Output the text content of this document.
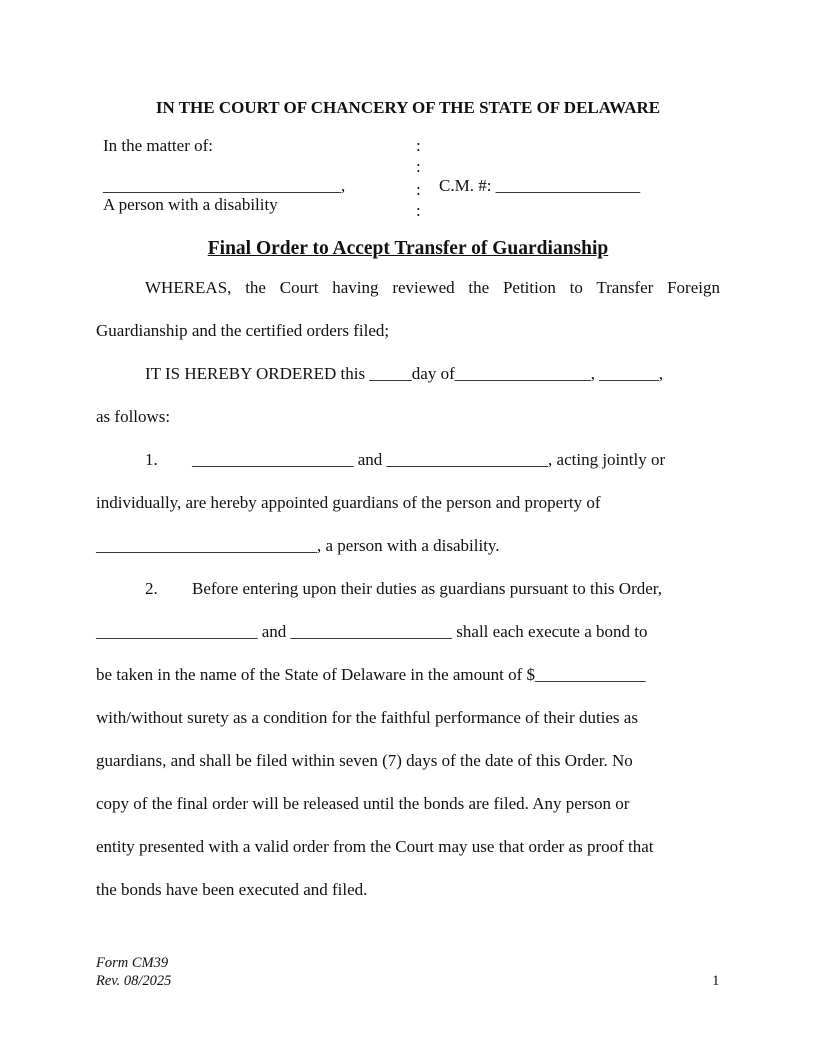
IN THE COURT OF CHANCERY OF THE STATE OF DELAWARE
In the matter of:
____________________________,
A person with a disability
:
:
:
:
C.M. #: _________________
Final Order to Accept Transfer of Guardianship
WHEREAS, the Court having reviewed the Petition to Transfer Foreign
Guardianship and the certified orders filed;
IT IS HEREBY ORDERED this _____day of________________, _______,
as follows:
1. ___________________ and ___________________, acting jointly or
individually, are hereby appointed guardians of the person and property of
__________________________, a person with a disability.
2. Before entering upon their duties as guardians pursuant to this Order,
___________________ and ___________________ shall each execute a bond to
be taken in the name of the State of Delaware in the amount of $_____________
with/without surety as a condition for the faithful performance of their duties as
guardians, and shall be filed within seven (7) days of the date of this Order. No
copy of the final order will be released until the bonds are filed. Any person or
entity presented with a valid order from the Court may use that order as proof that
the bonds have been executed and filed.
Form CM39
Rev. 08/2025	1
